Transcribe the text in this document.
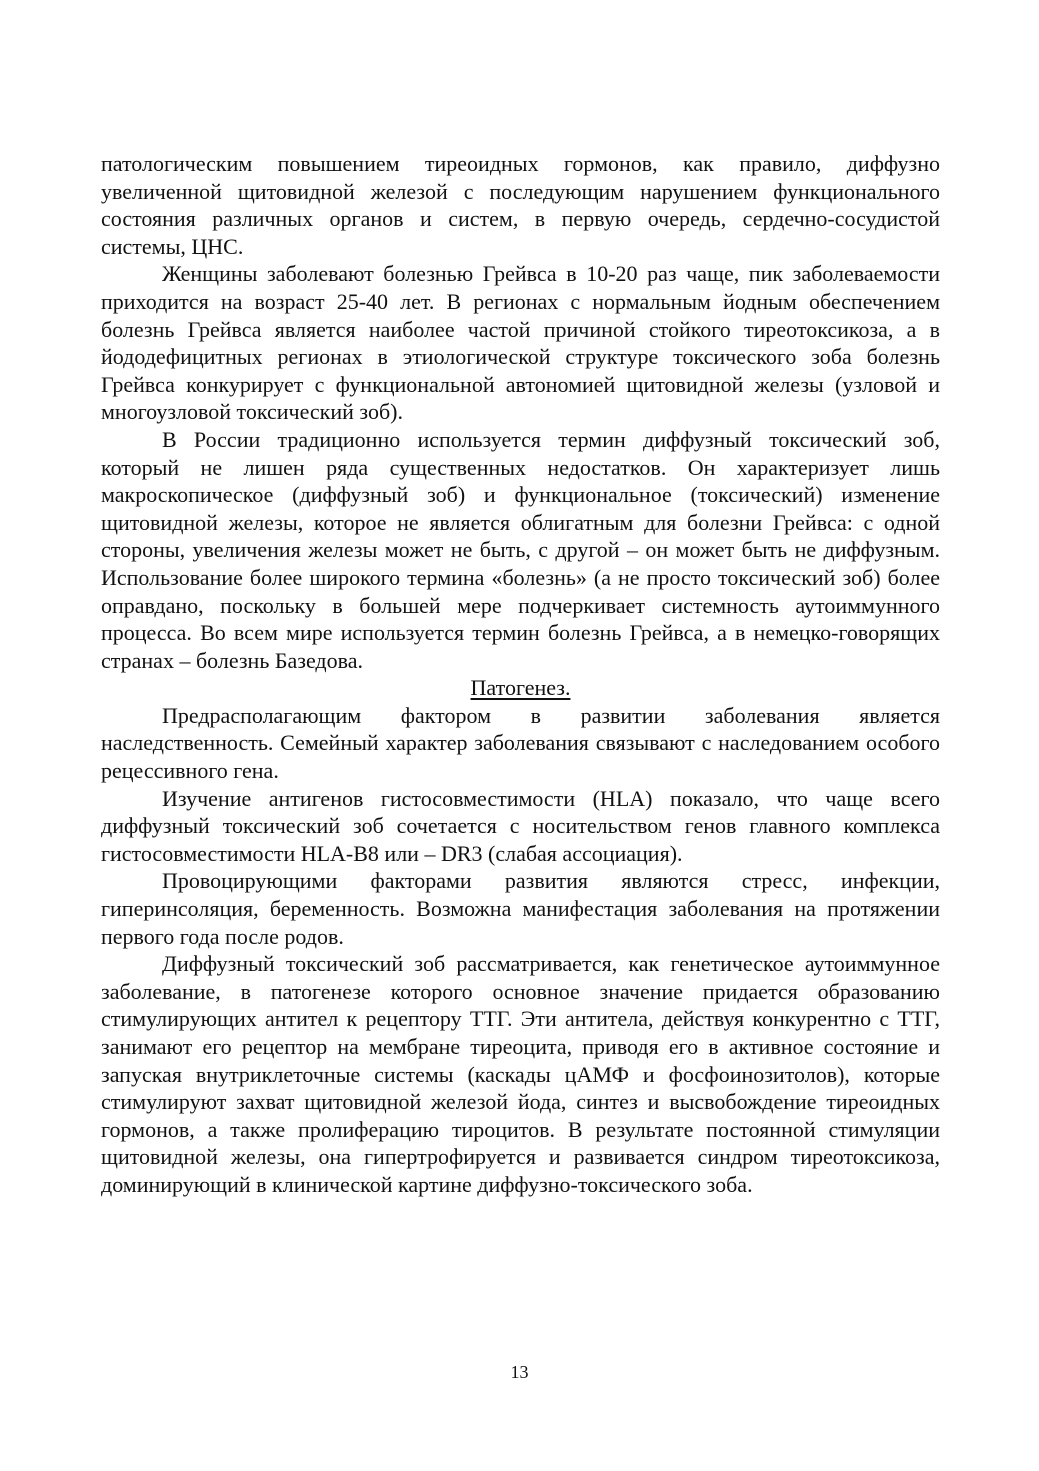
патологическим повышением тиреоидных гормонов, как правило, диффузно увеличенной щитовидной железой с последующим нарушением функционального состояния различных органов и систем, в первую очередь, сердечно-сосудистой системы, ЦНС.

Женщины заболевают болезнью Грейвса в 10-20 раз чаще, пик заболеваемости приходится на возраст 25-40 лет. В регионах с нормальным йодным обеспечением болезнь Грейвса является наиболее частой причиной стойкого тиреотоксикоза, а в йододефицитных регионах в этиологической структуре токсического зоба болезнь Грейвса конкурирует с функциональной автономией щитовидной железы (узловой и многоузловой токсический зоб).

В России традиционно используется термин диффузный токсический зоб, который не лишен ряда существенных недостатков. Он характеризует лишь макроскопическое (диффузный зоб) и функциональное (токсический) изменение щитовидной железы, которое не является облигатным для болезни Грейвса: с одной стороны, увеличения железы может не быть, с другой – он может быть не диффузным. Использование более широкого термина «болезнь» (а не просто токсический зоб) более оправдано, поскольку в большей мере подчеркивает системность аутоиммунного процесса. Во всем мире используется термин болезнь Грейвса, а в немецко-говорящих странах – болезнь Базедова.

Патогенез.

Предрасполагающим фактором в развитии заболевания является наследственность. Семейный характер заболевания связывают с наследованием особого рецессивного гена.

Изучение антигенов гистосовместимости (HLA) показало, что чаще всего диффузный токсический зоб сочетается с носительством генов главного комплекса гистосовместимости HLA-B8 или – DR3 (слабая ассоциация).

Провоцирующими факторами развития являются стресс, инфекции, гиперинсоляция, беременность. Возможна манифестация заболевания на протяжении первого года после родов.

Диффузный токсический зоб рассматривается, как генетическое аутоиммунное заболевание, в патогенезе которого основное значение придается образованию стимулирующих антител к рецептору ТТГ. Эти антитела, действуя конкурентно с ТТГ, занимают его рецептор на мембране тиреоцита, приводя его в активное состояние и запуская внутриклеточные системы (каскады цАМФ и фосфоинозитолов), которые стимулируют захват щитовидной железой йода, синтез и высвобождение тиреоидных гормонов, а также пролиферацию тироцитов. В результате постоянной стимуляции щитовидной железы, она гипертрофируется и развивается синдром тиреотоксикоза, доминирующий в клинической картине диффузно-токсического зоба.

13
